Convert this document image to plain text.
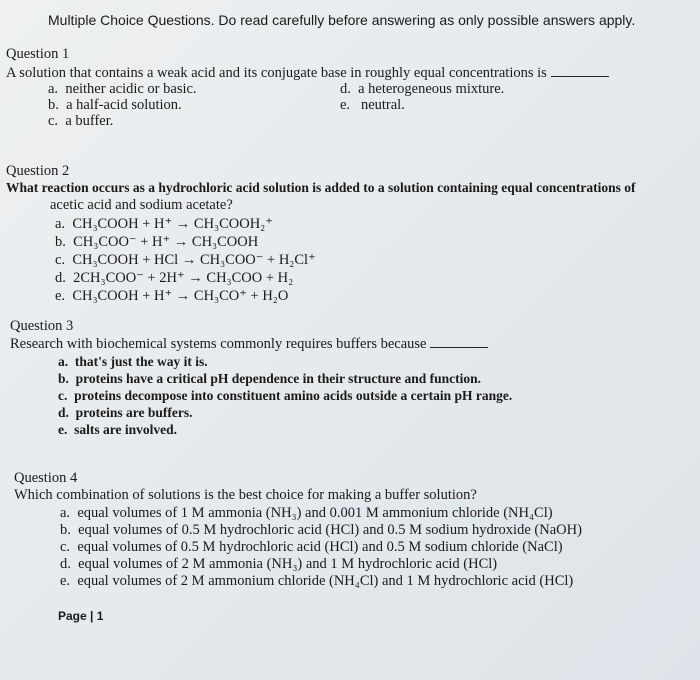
Multiple Choice Questions. Do read carefully before answering as only possible answers apply.
Question 1
A solution that contains a weak acid and its conjugate base in roughly equal concentrations is
a. neither acidic or basic.
b. a half-acid solution.
c. a buffer.
d. a heterogeneous mixture.
e. neutral.
Question 2
What reaction occurs as a hydrochloric acid solution is added to a solution containing equal concentrations of
acetic acid and sodium acetate?
a. CH₃COOH + H⁺ → CH₃COOH₂⁺
b. CH₃COO⁻ + H⁺ → CH₃COOH
c. CH₃COOH + HCl → CH₃COO⁻ + H₂Cl⁺
d. 2CH₃COO⁻ + 2H⁺ → CH₃COO + H₂
e. CH₃COOH + H⁺ → CH₃CO⁺ + H₂O
Question 3
Research with biochemical systems commonly requires buffers because
a. that's just the way it is.
b. proteins have a critical pH dependence in their structure and function.
c. proteins decompose into constituent amino acids outside a certain pH range.
d. proteins are buffers.
e. salts are involved.
Question 4
Which combination of solutions is the best choice for making a buffer solution?
a. equal volumes of 1 M ammonia (NH₃) and 0.001 M ammonium chloride (NH₄Cl)
b. equal volumes of 0.5 M hydrochloric acid (HCl) and 0.5 M sodium hydroxide (NaOH)
c. equal volumes of 0.5 M hydrochloric acid (HCl) and 0.5 M sodium chloride (NaCl)
d. equal volumes of 2 M ammonia (NH₃) and 1 M hydrochloric acid (HCl)
e. equal volumes of 2 M ammonium chloride (NH₄Cl) and 1 M hydrochloric acid (HCl)
Page | 1
